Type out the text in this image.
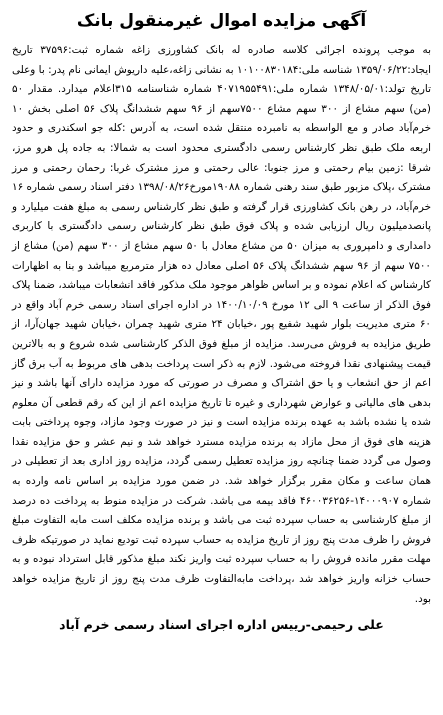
آگهی مزایده اموال غیرمنقول بانک

به موجب پرونده اجرائی کلاسه صادره له بانک کشاورزی زاغه شماره ثبت:۳۷۵۹۶ تاریخ ایجاد:۱۳۵۹/۰۶/۲۲ شناسه ملی:۱۰۱۰۰۸۳۰۱۸۴ به نشانی زاغه،علیه داریوش ایمانی نام پدر: با وعلی تاریخ تولد:۱۳۴۸/۰۵/۰۱ شماره ملی:۴۰۷۱۹۵۵۴۹۱ شماره شناسنامه ۳۱۵اعلام میدارد. مقدار ۵۰ (من) سهم مشاع از ۳۰۰ سهم مشاع ۷۵۰۰سهم از ۹۶ سهم ششدانگ پلاک ۵۶ اصلی بخش ۱۰ خرم‌آباد صادر و مع الواسطه به نامبرده منتقل شده است، به آدرس :کله جو اسکندری و حدود اربعه ملک طبق نظر کارشناس رسمی دادگستری محدود است به شمالا: به جاده پل هرو مرز، شرقا :زمین بیام رحمتی و مرز جنوبا: عالی رحمتی و مرز مشترک غربا: رحمان رحمتی و مرز مشترک ،پلاک مزبور طبق سند رهنی شماره ۱۹۰۸۸مورخ۱۳۹۸/۰۸/۲۶ دفتر اسناد رسمی شماره ۱۶ خرم‌آباد، در رهن بانک کشاورزی قرار گرفته و طبق نظر کارشناس رسمی به مبلغ هفت میلیارد و پانصدمیلیون ریال ارزیابی شده و پلاک فوق طبق نظر کارشناس رسمی دادگستری با کاربری دامداری و دامپروری به میزان ۵۰ من مشاع معادل با ۵۰ سهم مشاع از ۳۰۰ سهم (من) مشاع از ۷۵۰۰ سهم از ۹۶ سهم ششدانگ پلاک ۵۶ اصلی معادل ده هزار مترمربع میباشد و بنا به اظهارات کارشناس که اعلام نموده و بر اساس ظواهر موجود ملک مذکور فاقد انشعابات میباشد، ضمنا پلاک فوق الذکر از ساعت ۹ الی ۱۲ مورخ ۱۴۰۰/۱۰/۰۹ در اداره اجرای اسناد رسمی خرم آباد واقع در ۶۰ متری مدیریت بلوار شهید شفیع پور ،خیابان ۲۴ متری شهید چمران ،خیابان شهید جهان‌آرا، از طریق مزایده به فروش می‌رسد. مزایده از مبلغ فوق الذکر کارشناسی شده شروع و به بالاترین قیمت پیشنهادی نقدا فروخته می‌شود. لازم به ذکر است پرداخت بدهی های مربوط به آب برق گاز اعم از حق انشعاب و یا حق اشتراک و مصرف در صورتی که مورد مزایده دارای آنها باشد و نیز بدهی های مالیاتی و عوارض شهرداری و غیره تا تاریخ مزایده اعم از این که رقم قطعی آن معلوم شده یا نشده باشد به عهده برنده مزایده است و نیز در صورت وجود مازاد، وجوه پرداختی بابت هزینه های فوق از محل مازاد به برنده مزایده مسترد خواهد شد و نیم عشر و حق مزایده نقدا وصول می گردد ضمنا چنانچه روز مزایده تعطیل رسمی گردد، مزایده روز اداری بعد از تعطیلی در همان ساعت و مکان مقرر برگزار خواهد شد. در ضمن مورد مزایده بر اساس نامه وارده به شماره ۱۴۰۰۰۹۰۷-۴۶۰۰۳۶۲۵۶ فاقد بیمه می باشد. شرکت در مزایده منوط به پرداخت ده درصد از مبلغ کارشناسی به حساب سپرده ثبت می باشد و برنده مزایده مکلف است مابه التفاوت مبلغ فروش را ظرف مدت پنج روز از تاریخ مزایده به حساب سپرده ثبت تودیع نماید در صورتیکه ظرف مهلت مقرر مانده فروش را به حساب سپرده ثبت واریز نکند مبلغ مذکور قابل استرداد نبوده و به حساب خزانه واریز خواهد شد ،پرداخت مابه‌التفاوت ظرف مدت پنج روز از تاریخ مزایده خواهد بود.

علی رحیمی-رییس اداره اجرای اسناد رسمی خرم آباد
